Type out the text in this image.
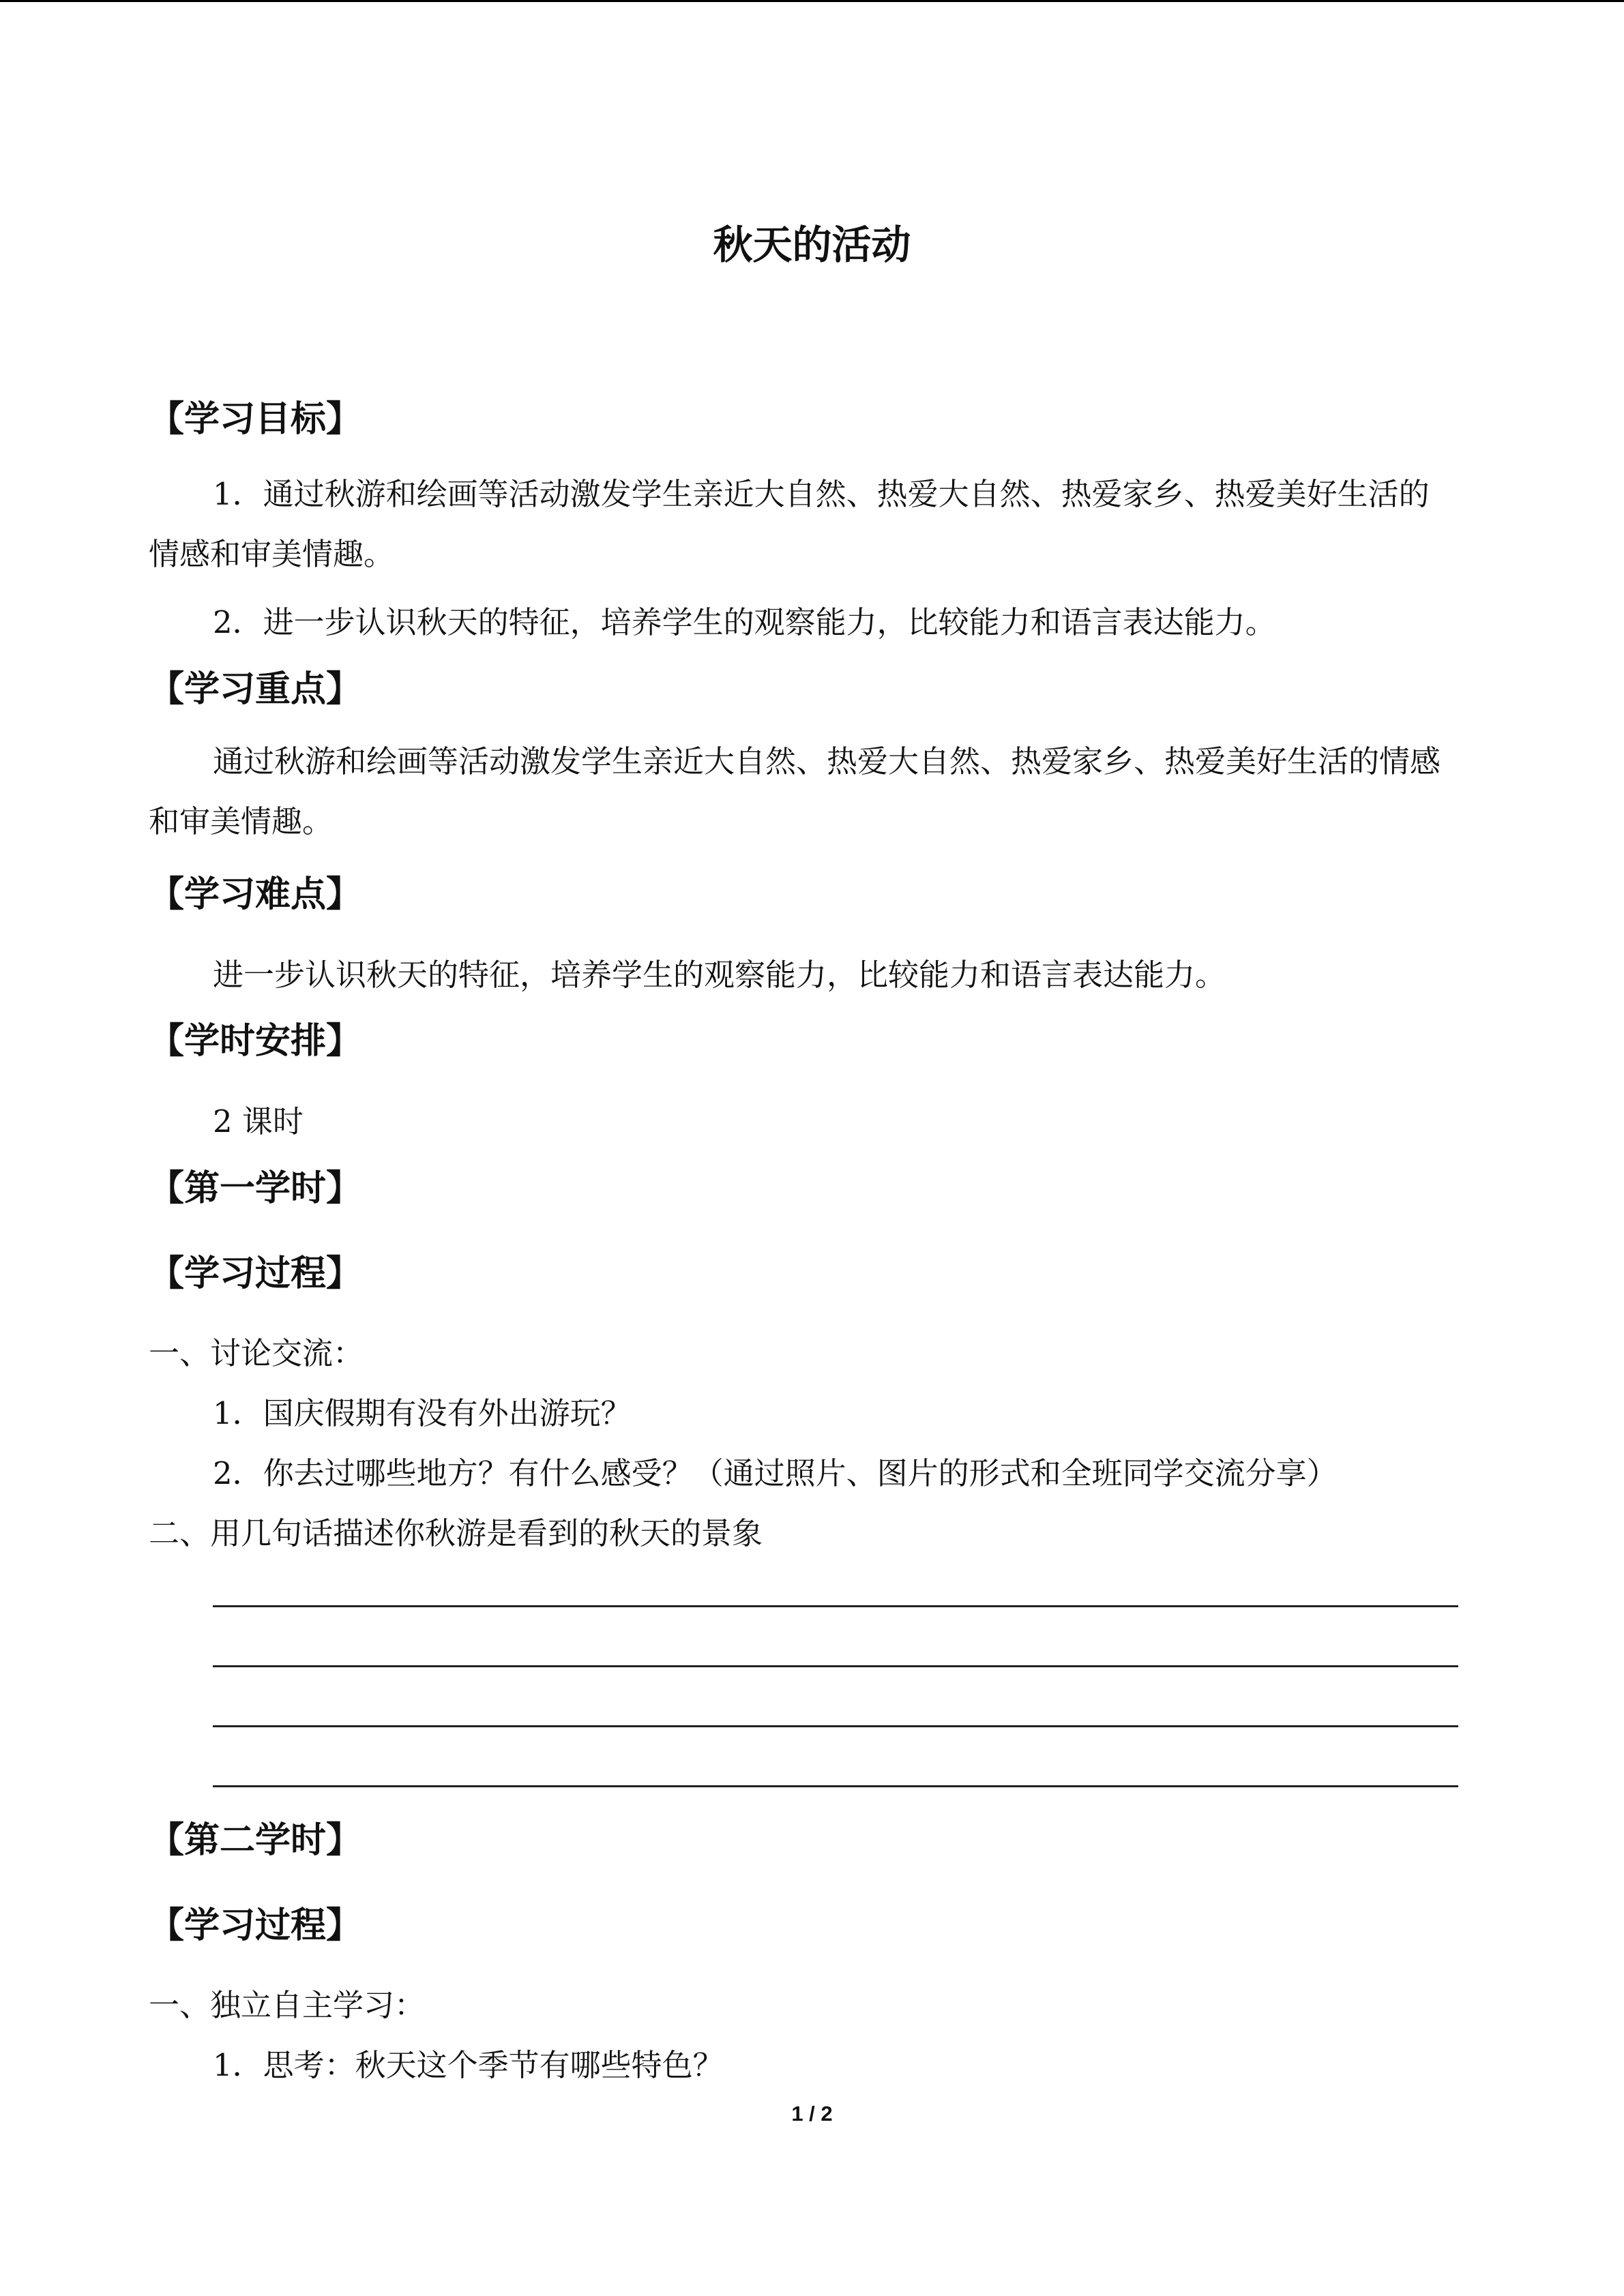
秋天的活动
【学习目标】
1．通过秋游和绘画等活动激发学生亲近大自然、热爱大自然、热爱家乡、热爱美好生活的情感和审美情趣。
2．进一步认识秋天的特征，培养学生的观察能力，比较能力和语言表达能力。
【学习重点】
通过秋游和绘画等活动激发学生亲近大自然、热爱大自然、热爱家乡、热爱美好生活的情感和审美情趣。
【学习难点】
进一步认识秋天的特征，培养学生的观察能力，比较能力和语言表达能力。
【学时安排】
2 课时
【第一学时】
【学习过程】
一、讨论交流：
1．国庆假期有没有外出游玩？
2．你去过哪些地方？有什么感受？（通过照片、图片的形式和全班同学交流分享）
二、用几句话描述你秋游是看到的秋天的景象
【第二学时】
【学习过程】
一、独立自主学习：
1．思考：秋天这个季节有哪些特色？
1 / 2
